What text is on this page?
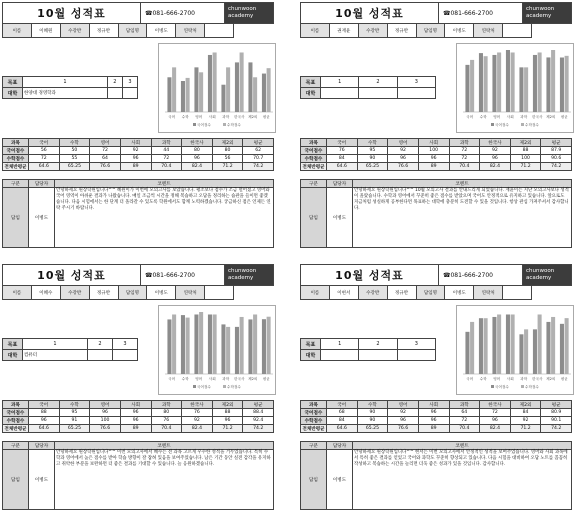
10월 성적표	☎081-666-2700
chunwoon academy
이름	이혜원	수강반	정규반	담임명	이병도	연락처
목표	1	2	3
대학	한양대 경영학과		
국어 수학 영어 사회 과학 한국사 제2외 평균
국어점수	수학점수
과목	국어	수학	영어	사회	과학	한국사	제2외	평균
국어점수	56	50	72	92	44	80	80	62
수학점수	72	55	64	96	72	96	56	70.7
전체반평균	64.6	65.25	76.6	89	70.4	82.4	71.2	74.2
구분	담당자	코멘트
담임	이병도	안녕하세요 원장학원입니다^^ 혜원이가 이번에 모의고사를 보았습니다. 평소보다 점수가 조금 떨어졌고 영어와 국어 영역이 아쉬운 결과가 나왔습니다. 매일 조금씩 시간을 정해 복습하고 오답을 정리하는 습관을 들이면 좋겠습니다. 다음 시험에서는 한 단계 더 올라갈 수 있도록 학원에서도 함께 노력하겠습니다. 궁금하신 점은 언제든 연락 주시기 바랍니다.
10월 성적표	☎081-666-2700
chunwoon academy
이름	권재윤	수강반	정규반	담임명	이병도	연락처
목표	1	2	3
대학			
국어 수학 영어 사회 과학 한국사 제2외 평균
국어점수	수학점수
과목	국어	수학	영어	사회	과학	한국사	제2외	평균
국어점수	76	95	92	100	72	92	88	87.9
수학점수	84	90	96	96	72	96	100	90.6
전체반평균	64.6	65.25	76.6	89	70.4	82.4	71.2	74.2
구분	담당자	코멘트
담임	이병도	안녕하세요 원장학원입니다^^ 10월 모의고사 결과를 안내드리게 되었습니다. 재윤이는 지난 모의고사보다 성적이 올랐습니다. 수학과 영어에서 꾸준히 좋은 점수를 받았으며 국어도 안정적으로 유지하고 있습니다. 앞으로도 지금처럼 성실하게 공부한다면 목표하는 대학에 충분히 도전할 수 있을 것입니다. 항상 관심 가져주셔서 감사합니다.
10월 성적표	☎081-666-2700
chunwoon academy
이름	이혜수	수강반	정규반	담임명	이병도	연락처
목표	1	2	3
대학	컴퓨터		
국어 수학 영어 사회 과학 한국사 제2외 평균
국어점수	수학점수
과목	국어	수학	영어	사회	과학	한국사	제2외	평균
국어점수	88	95	96	96	80	76	88	88.4
수학점수	96	91	100	96	76	92	96	92.4
전체반평균	64.6	65.25	76.6	89	70.4	82.4	71.2	74.2
구분	담당자	코멘트
담임	이병도	안녕하세요 원장학원입니다^^ 이번 모의고사에서 혜수는 전 과목 고르게 우수한 성적을 거두었습니다. 특히 수학과 영어에서 높은 점수를 받아 학습 방향이 잘 잡혀 있음을 보여주었습니다. 남은 기간 동안 실전 감각을 유지하고 취약한 부분을 보완하면 더 좋은 결과를 기대할 수 있습니다. 늘 응원하겠습니다.
10월 성적표	☎081-666-2700
chunwoon academy
이름	이현서	수강반	정규반	담임명	이병도	연락처
목표	1	2	3
대학			
국어 수학 영어 사회 과학 한국사 제2외 평균
국어점수	수학점수
과목	국어	수학	영어	사회	과학	한국사	제2외	평균
국어점수	68	90	92	96	64	72	84	80.9
수학점수	84	90	96	96	72	96	92	90.1
전체반평균	64.6	65.25	76.6	89	70.4	82.4	71.2	74.2
구분	담당자	코멘트
담임	이병도	안녕하세요 원장학원입니다^^ 현서는 이번 모의고사에서 안정적인 성적을 보여주었습니다. 영어와 사회 과목에서 특히 좋은 결과를 얻었고 국어와 과학도 꾸준히 향상되고 있습니다. 다음 시험을 대비하여 오답 노트를 꼼꼼히 작성하고 복습하는 시간을 늘리면 더욱 좋은 성과가 있을 것입니다. 감사합니다.
